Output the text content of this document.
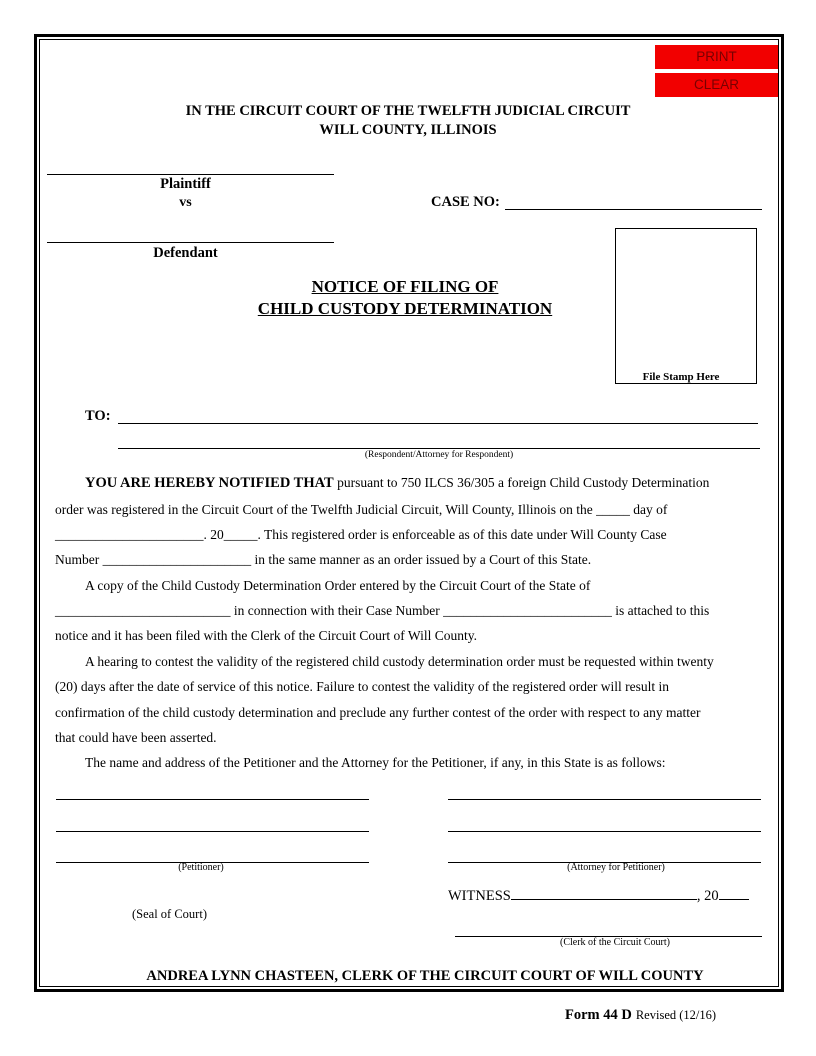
PRINT
CLEAR
IN THE CIRCUIT COURT OF THE TWELFTH JUDICIAL CIRCUIT
WILL COUNTY, ILLINOIS
Plaintiff
vs	CASE NO:
Defendant
File Stamp Here
NOTICE OF FILING OF
CHILD CUSTODY DETERMINATION
TO:
(Respondent/Attorney for Respondent)
YOU ARE HEREBY NOTIFIED THAT pursuant to 750 ILCS 36/305 a foreign Child Custody Determination
order was registered in the Circuit Court of the Twelfth Judicial Circuit, Will County, Illinois on the _____ day of
______________________. 20_____. This registered order is enforceable as of this date under Will County Case
Number ______________________ in the same manner as an order issued by a Court of this State.
A copy of the Child Custody Determination Order entered by the Circuit Court of the State of
__________________________ in connection with their Case Number _________________________ is attached to this
notice and it has been filed with the Clerk of the Circuit Court of Will County.
A hearing to contest the validity of the registered child custody determination order must be requested within twenty
(20) days after the date of service of this notice. Failure to contest the validity of the registered order will result in
confirmation of the child custody determination and preclude any further contest of the order with respect to any matter
that could have been asserted.
The name and address of the Petitioner and the Attorney for the Petitioner, if any, in this State is as follows:
(Petitioner)	(Attorney for Petitioner)
WITNESS	, 20
(Seal of Court)
(Clerk of the Circuit Court)
ANDREA LYNN CHASTEEN, CLERK OF THE CIRCUIT COURT OF WILL COUNTY
Form 44 D Revised (12/16)
